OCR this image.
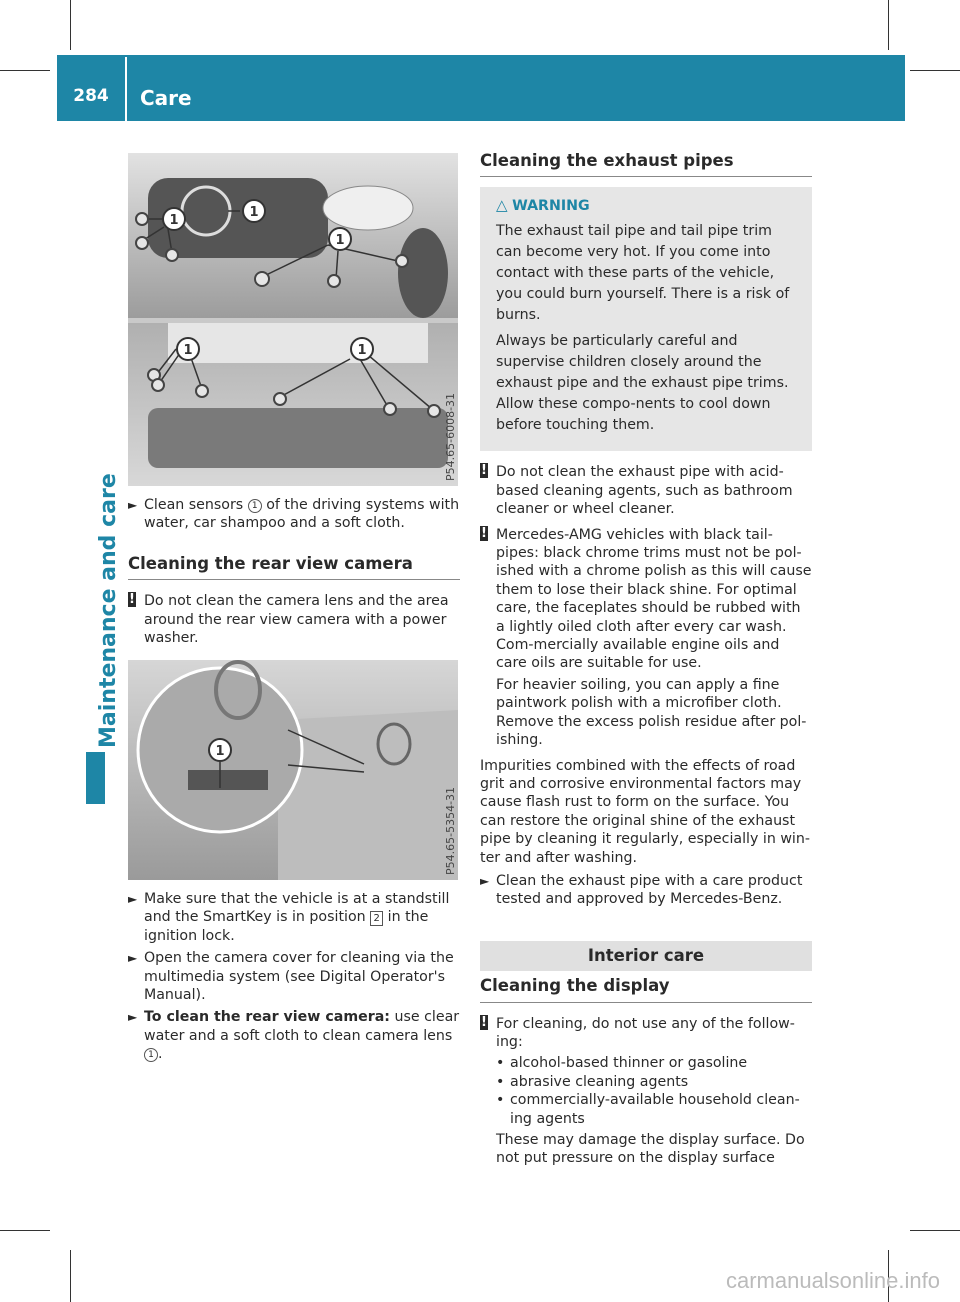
284	Care
Maintenance and care
1
1
1
1	1
P54.65-6008-31
► Clean sensors 1 of the driving systems with water, car shampoo and a soft cloth.
Cleaning the rear view camera
! Do not clean the camera lens and the area around the rear view camera with a power washer.
1
P54.65-5354-31
► Make sure that the vehicle is at a standstill and the SmartKey is in position 2 in the ignition lock.
► Open the camera cover for cleaning via the multimedia system (see Digital Operator's Manual).
► To clean the rear view camera: use clear water and a soft cloth to clean camera lens 1 .
Cleaning the exhaust pipes
△ WARNING
The exhaust tail pipe and tail pipe trim can become very hot. If you come into contact with these parts of the vehicle, you could burn yourself. There is a risk of burns.
Always be particularly careful and supervise children closely around the exhaust pipe and the exhaust pipe trims. Allow these compo-nents to cool down before touching them.
! Do not clean the exhaust pipe with acid-based cleaning agents, such as bathroom cleaner or wheel cleaner.
! Mercedes-AMG vehicles with black tail-pipes: black chrome trims must not be pol-ished with a chrome polish as this will cause them to lose their black shine. For optimal care, the faceplates should be rubbed with a lightly oiled cloth after every car wash. Com-mercially available engine oils and care oils are suitable for use.
For heavier soiling, you can apply a fine paintwork polish with a microfiber cloth. Remove the excess polish residue after pol-ishing.
Impurities combined with the effects of road grit and corrosive environmental factors may cause flash rust to form on the surface. You can restore the original shine of the exhaust pipe by cleaning it regularly, especially in win-ter and after washing.
► Clean the exhaust pipe with a care product tested and approved by Mercedes-Benz.
Interior care
Cleaning the display
! For cleaning, do not use any of the follow-ing:
• alcohol-based thinner or gasoline
• abrasive cleaning agents
• commercially-available household clean-ing agents
These may damage the display surface. Do not put pressure on the display surface
carmanualsonline.info
